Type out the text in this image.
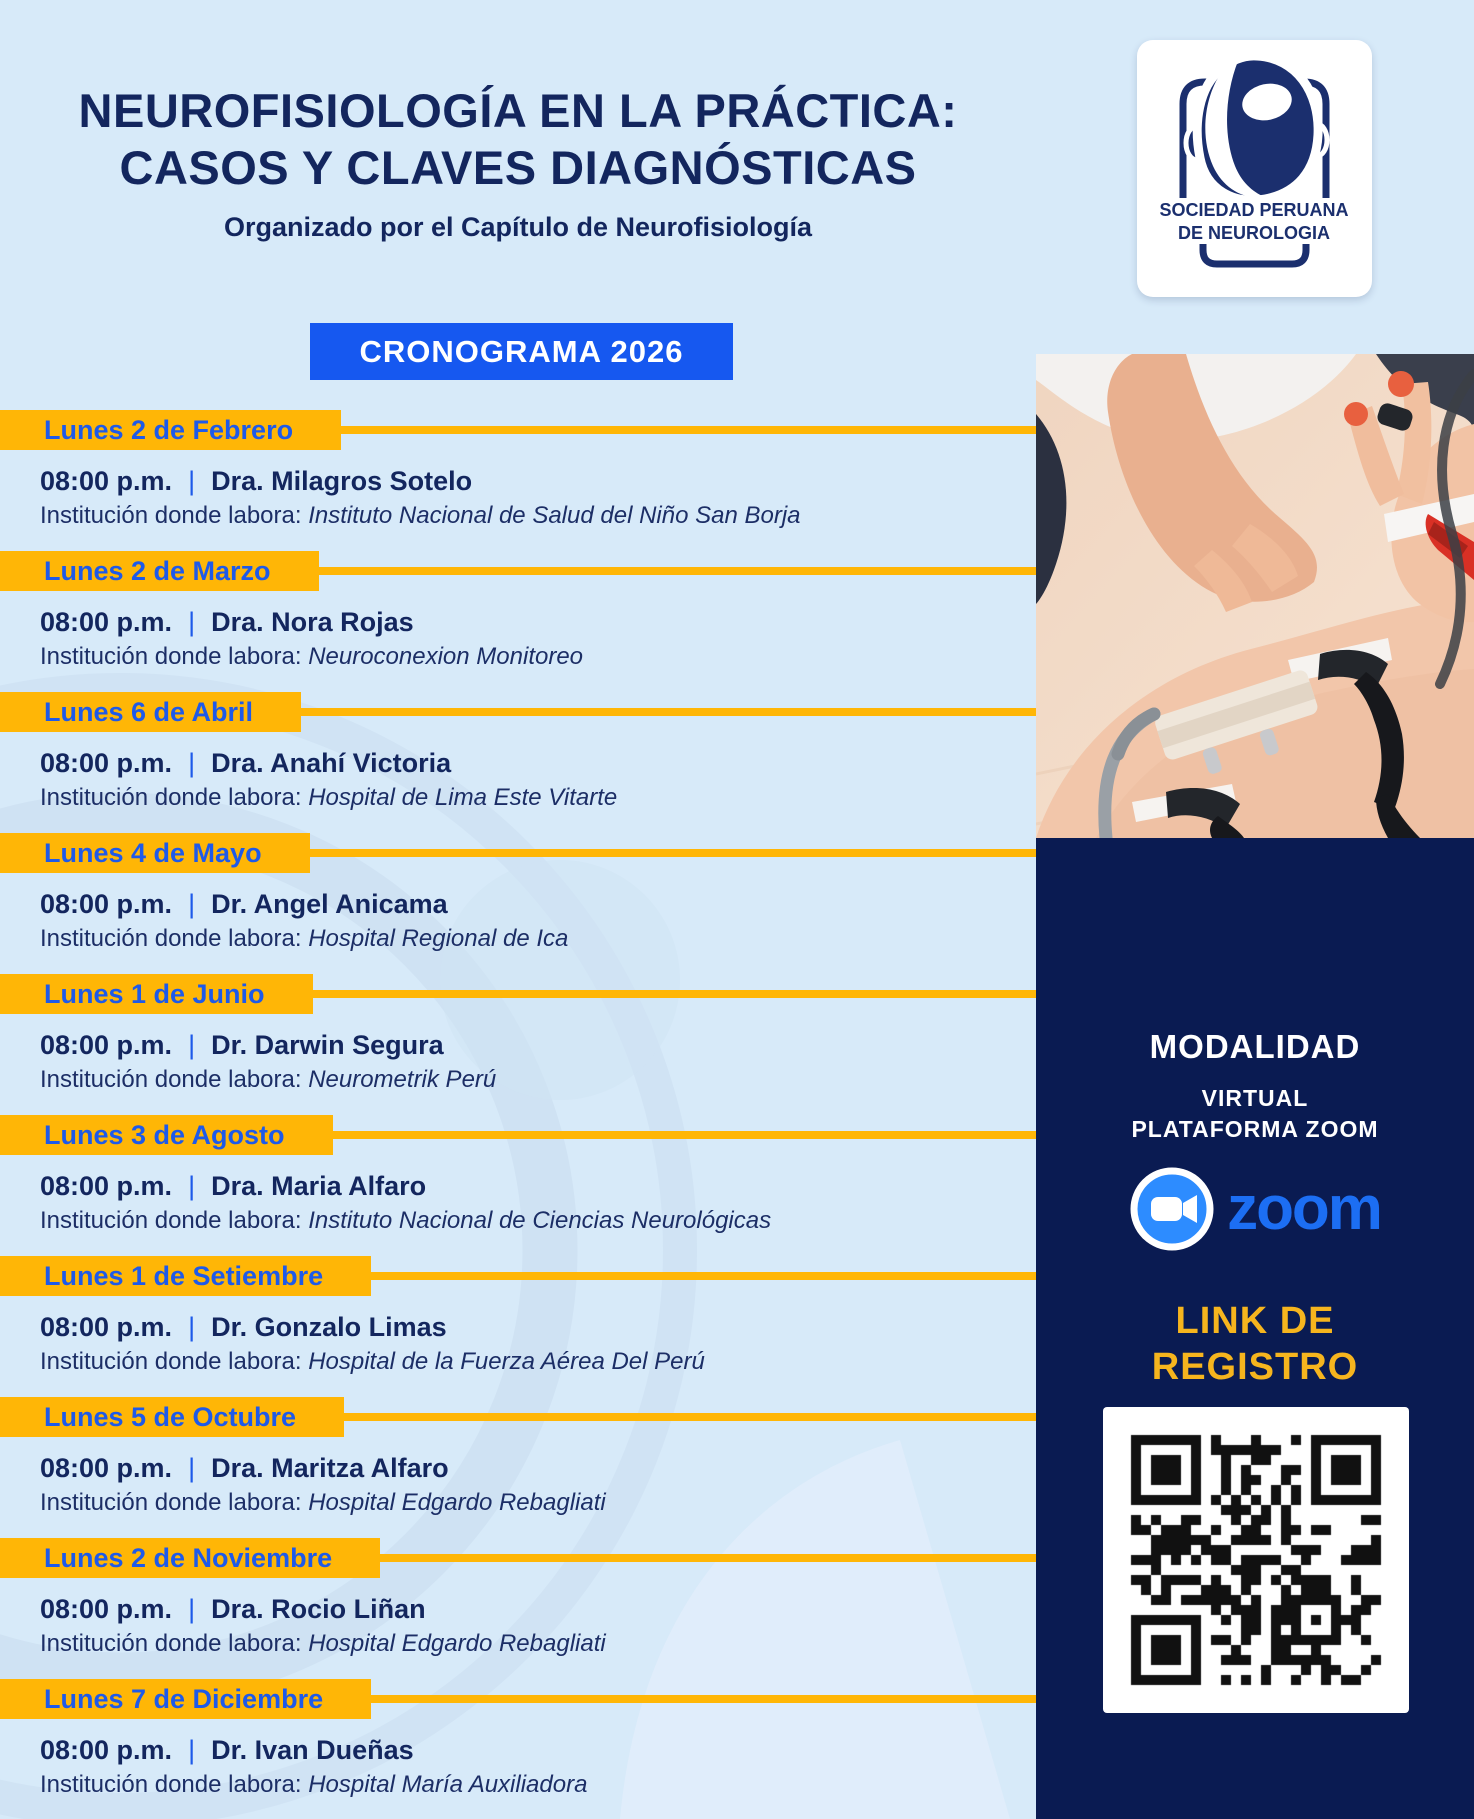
NEUROFISIOLOGÍA EN LA PRÁCTICA:
CASOS Y CLAVES DIAGNÓSTICAS
Organizado por el Capítulo de Neurofisiología
SOCIEDAD PERUANA
DE NEUROLOGIA
CRONOGRAMA 2026
Lunes 2 de Febrero
08:00 p.m. | Dra. Milagros Sotelo
Institución donde labora: Instituto Nacional de Salud del Niño San Borja
Lunes 2 de Marzo
08:00 p.m. | Dra. Nora Rojas
Institución donde labora: Neuroconexion Monitoreo
Lunes 6 de Abril
08:00 p.m. | Dra. Anahí Victoria
Institución donde labora: Hospital de Lima Este Vitarte
Lunes 4 de Mayo
08:00 p.m. | Dr. Angel Anicama
Institución donde labora: Hospital Regional de Ica
Lunes 1 de Junio
08:00 p.m. | Dr. Darwin Segura
Institución donde labora: Neurometrik Perú
Lunes 3 de Agosto
08:00 p.m. | Dra. Maria Alfaro
Institución donde labora: Instituto Nacional de Ciencias Neurológicas
Lunes 1 de Setiembre
08:00 p.m. | Dr. Gonzalo Limas
Institución donde labora: Hospital de la Fuerza Aérea Del Perú
Lunes 5 de Octubre
08:00 p.m. | Dra. Maritza Alfaro
Institución donde labora: Hospital Edgardo Rebagliati
Lunes 2 de Noviembre
08:00 p.m. | Dra. Rocio Liñan
Institución donde labora: Hospital Edgardo Rebagliati
Lunes 7 de Diciembre
08:00 p.m. | Dr. Ivan Dueñas
Institución donde labora: Hospital María Auxiliadora
MODALIDAD
VIRTUAL
PLATAFORMA ZOOM
zoom
LINK DE
REGISTRO
